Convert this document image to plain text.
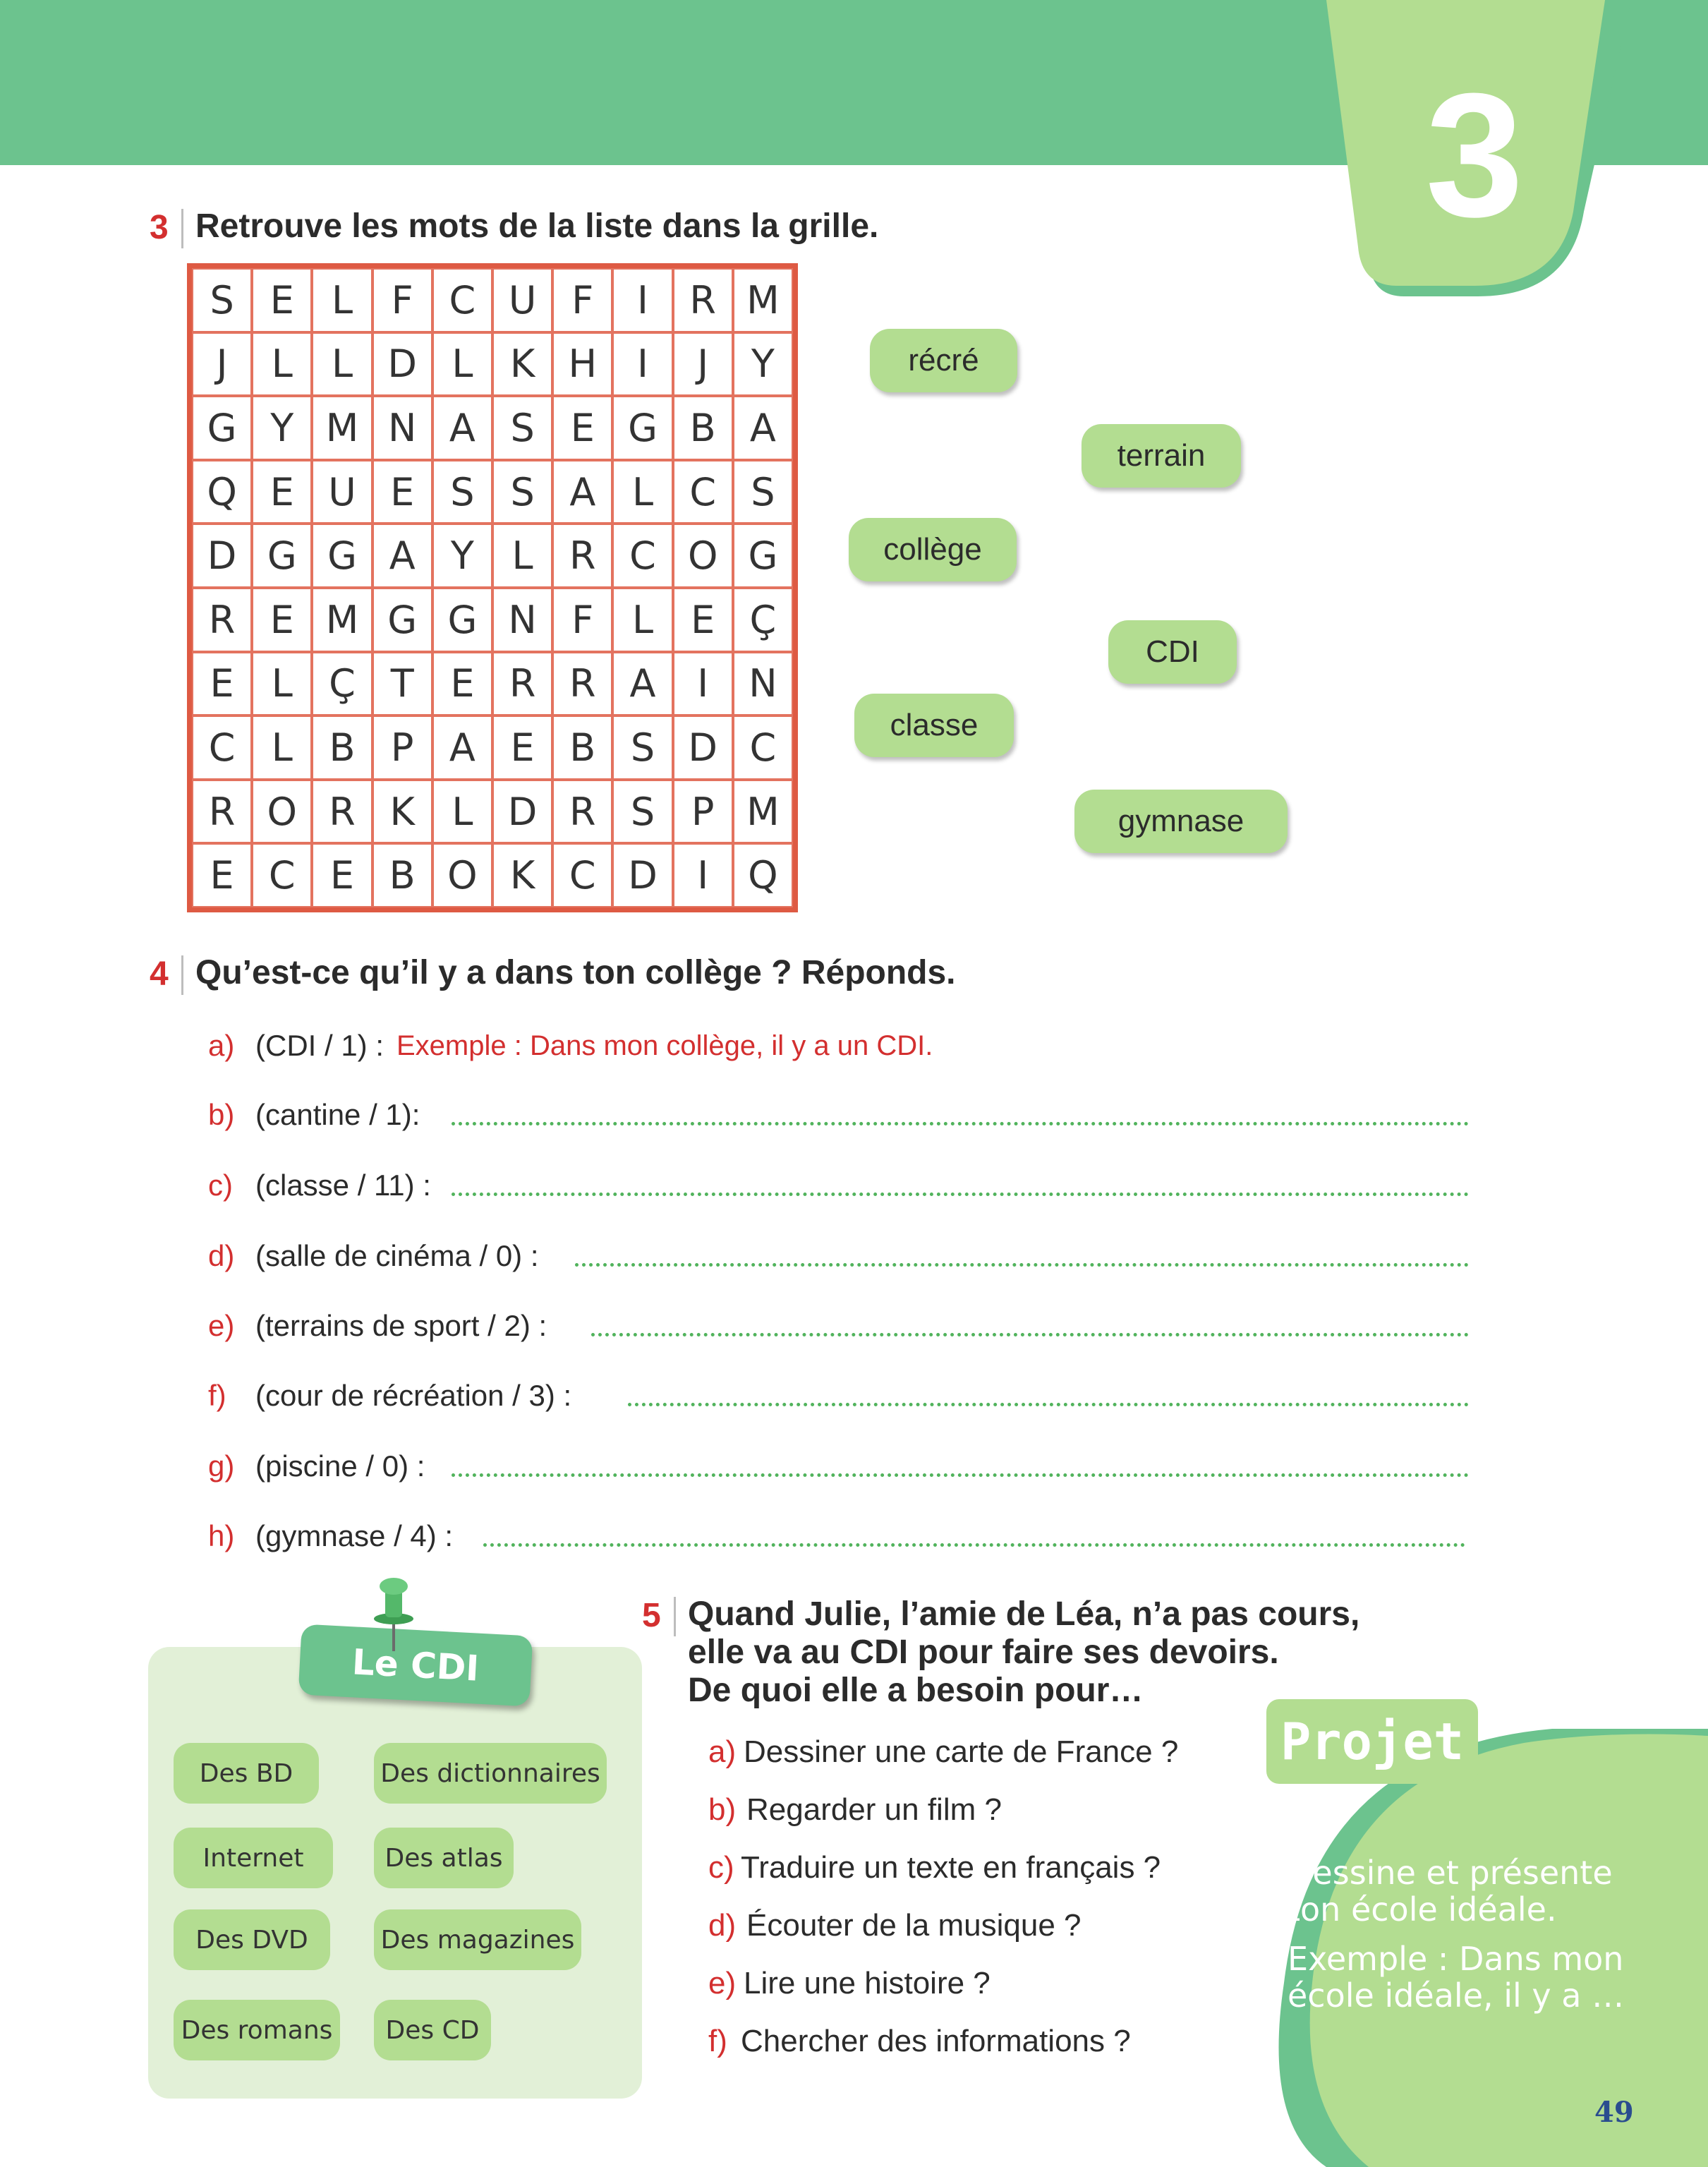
3
3 Retrouve les mots de la liste dans la grille.
S E L	F C U F	I	R M
J	L	L D L K H	I	J	Y
G Y M N A S E G B A
Q E U E S S A L C S
D G G A Y L R C O G
R E M G G N F	L E Ç
E L Ç T E R R A	I	N
C L B P A E B S D C
R O R K L D R S P M
E C E B O K C D	I	Q
récré
terrain
collège
CDI
classe
gymnase
4 Qu’est-ce qu’il y a dans ton collège ? Réponds.
a) (CDI / 1) : Exemple : Dans mon collège, il y a un CDI.
b) (cantine / 1):
c) (classe / 11) :
d) (salle de cinéma / 0) :
e) (terrains de sport / 2) :
f) (cour de récréation / 3) :
g) (piscine / 0) :
h) (gymnase / 4) :
Le CDI
Des BD	Des dictionnaires
Internet	Des atlas
Des DVD	Des magazines
Des romans	Des CD
Projet
Dessine et présente
ton école idéale.
Exemple : Dans mon
école idéale, il y a …
5 Quand Julie, l’amie de Léa, n’a pas cours,
elle va au CDI pour faire ses devoirs.
De quoi elle a besoin pour…
a) Dessiner une carte de France ?
b) Regarder un film ?
c) Traduire un texte en français ?
d) Écouter de la musique ?
e) Lire une histoire ?
f) Chercher des informations ?
49
